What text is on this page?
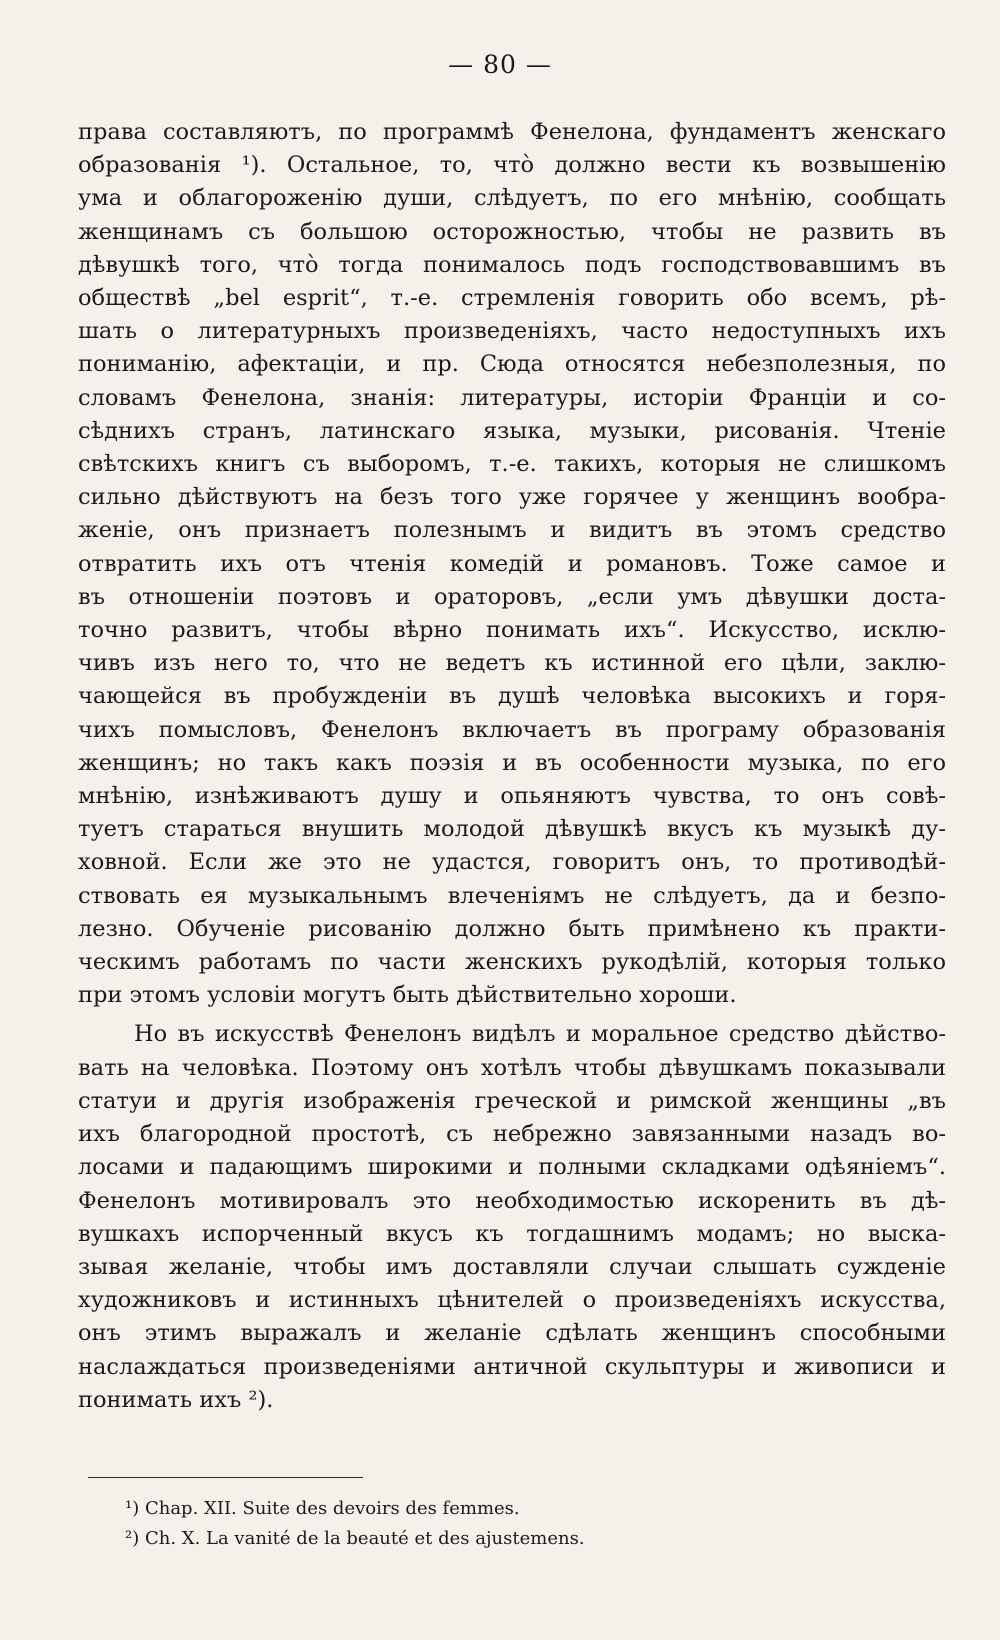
— 80 —
права составляютъ, по программѣ Фенелона, фундаментъ женскаго
образованія ¹). Остальное, то, что̀ должно вести къ возвышенію
ума и облагороженію души, слѣдуетъ, по его мнѣнію, сообщать
женщинамъ съ большою осторожностью, чтобы не развить въ
дѣвушкѣ того, что̀ тогда понималось подъ господствовавшимъ въ
обществѣ „bel esprit“, т.-е. стремленія говорить обо всемъ, рѣ-
шать о литературныхъ произведеніяхъ, часто недоступныхъ ихъ
пониманію, афектаціи, и пр. Сюда относятся небезполезныя, по
словамъ Фенелона, знанія: литературы, исторіи Франціи и со-
сѣднихъ странъ, латинскаго языка, музыки, рисованія. Чтеніе
свѣтскихъ книгъ съ выборомъ, т.-е. такихъ, которыя не слишкомъ
сильно дѣйствуютъ на безъ того уже горячее у женщинъ вообра-
женіе, онъ признаетъ полезнымъ и видитъ въ этомъ средство
отвратить ихъ отъ чтенія комедій и романовъ. Тоже самое и
въ отношеніи поэтовъ и ораторовъ, „если умъ дѣвушки доста-
точно развитъ, чтобы вѣрно понимать ихъ“. Искусство, исклю-
чивъ изъ него то, что не ведетъ къ истинной его цѣли, заклю-
чающейся въ пробужденіи въ душѣ человѣка высокихъ и горя-
чихъ помысловъ, Фенелонъ включаетъ въ програму образованія
женщинъ; но такъ какъ поэзія и въ особенности музыка, по его
мнѣнію, изнѣживаютъ душу и опьяняютъ чувства, то онъ совѣ-
туетъ стараться внушить молодой дѣвушкѣ вкусъ къ музыкѣ ду-
ховной. Если же это не удастся, говоритъ онъ, то противодѣй-
ствовать ея музыкальнымъ влеченіямъ не слѣдуетъ, да и безпо-
лезно. Обученіе рисованію должно быть примѣнено къ практи-
ческимъ работамъ по части женскихъ рукодѣлій, которыя только
при этомъ условіи могутъ быть дѣйствительно хороши.
Но въ искусствѣ Фенелонъ видѣлъ и моральное средство дѣйство-
вать на человѣка. Поэтому онъ хотѣлъ чтобы дѣвушкамъ показывали
статуи и другія изображенія греческой и римской женщины „въ
ихъ благородной простотѣ, съ небрежно завязанными назадъ во-
лосами и падающимъ широкими и полными складками одѣяніемъ“.
Фенелонъ мотивировалъ это необходимостью искоренить въ дѣ-
вушкахъ испорченный вкусъ къ тогдашнимъ модамъ; но выска-
зывая желаніе, чтобы имъ доставляли случаи слышать сужденіе
художниковъ и истинныхъ цѣнителей о произведеніяхъ искусства,
онъ этимъ выражалъ и желаніе сдѣлать женщинъ способными
наслаждаться произведеніями античной скульптуры и живописи и
понимать ихъ ²).
¹) Chap. XII. Suite des devoirs des femmes.
²) Ch. X. La vanité de la beauté et des ajustemens.
